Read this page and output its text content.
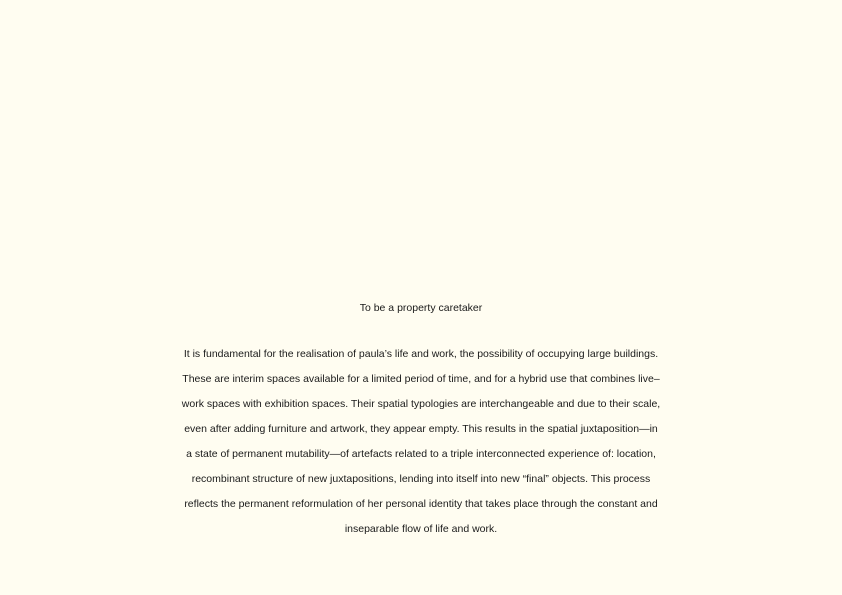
To be a property caretaker
It is fundamental for the realisation of paula’s life and work, the possibility of occupying large buildings.
These are interim spaces available for a limited period of time, and for a hybrid use that combines live–
work spaces with exhibition spaces. Their spatial typologies are interchangeable and due to their scale,
even after adding furniture and artwork, they appear empty. This results in the spatial juxtaposition—in
a state of permanent mutability—of artefacts related to a triple interconnected experience of: location,
recombinant structure of new juxtapositions, lending into itself into new “final” objects. This process
reflects the permanent reformulation of her personal identity that takes place through the constant and
inseparable flow of life and work.
